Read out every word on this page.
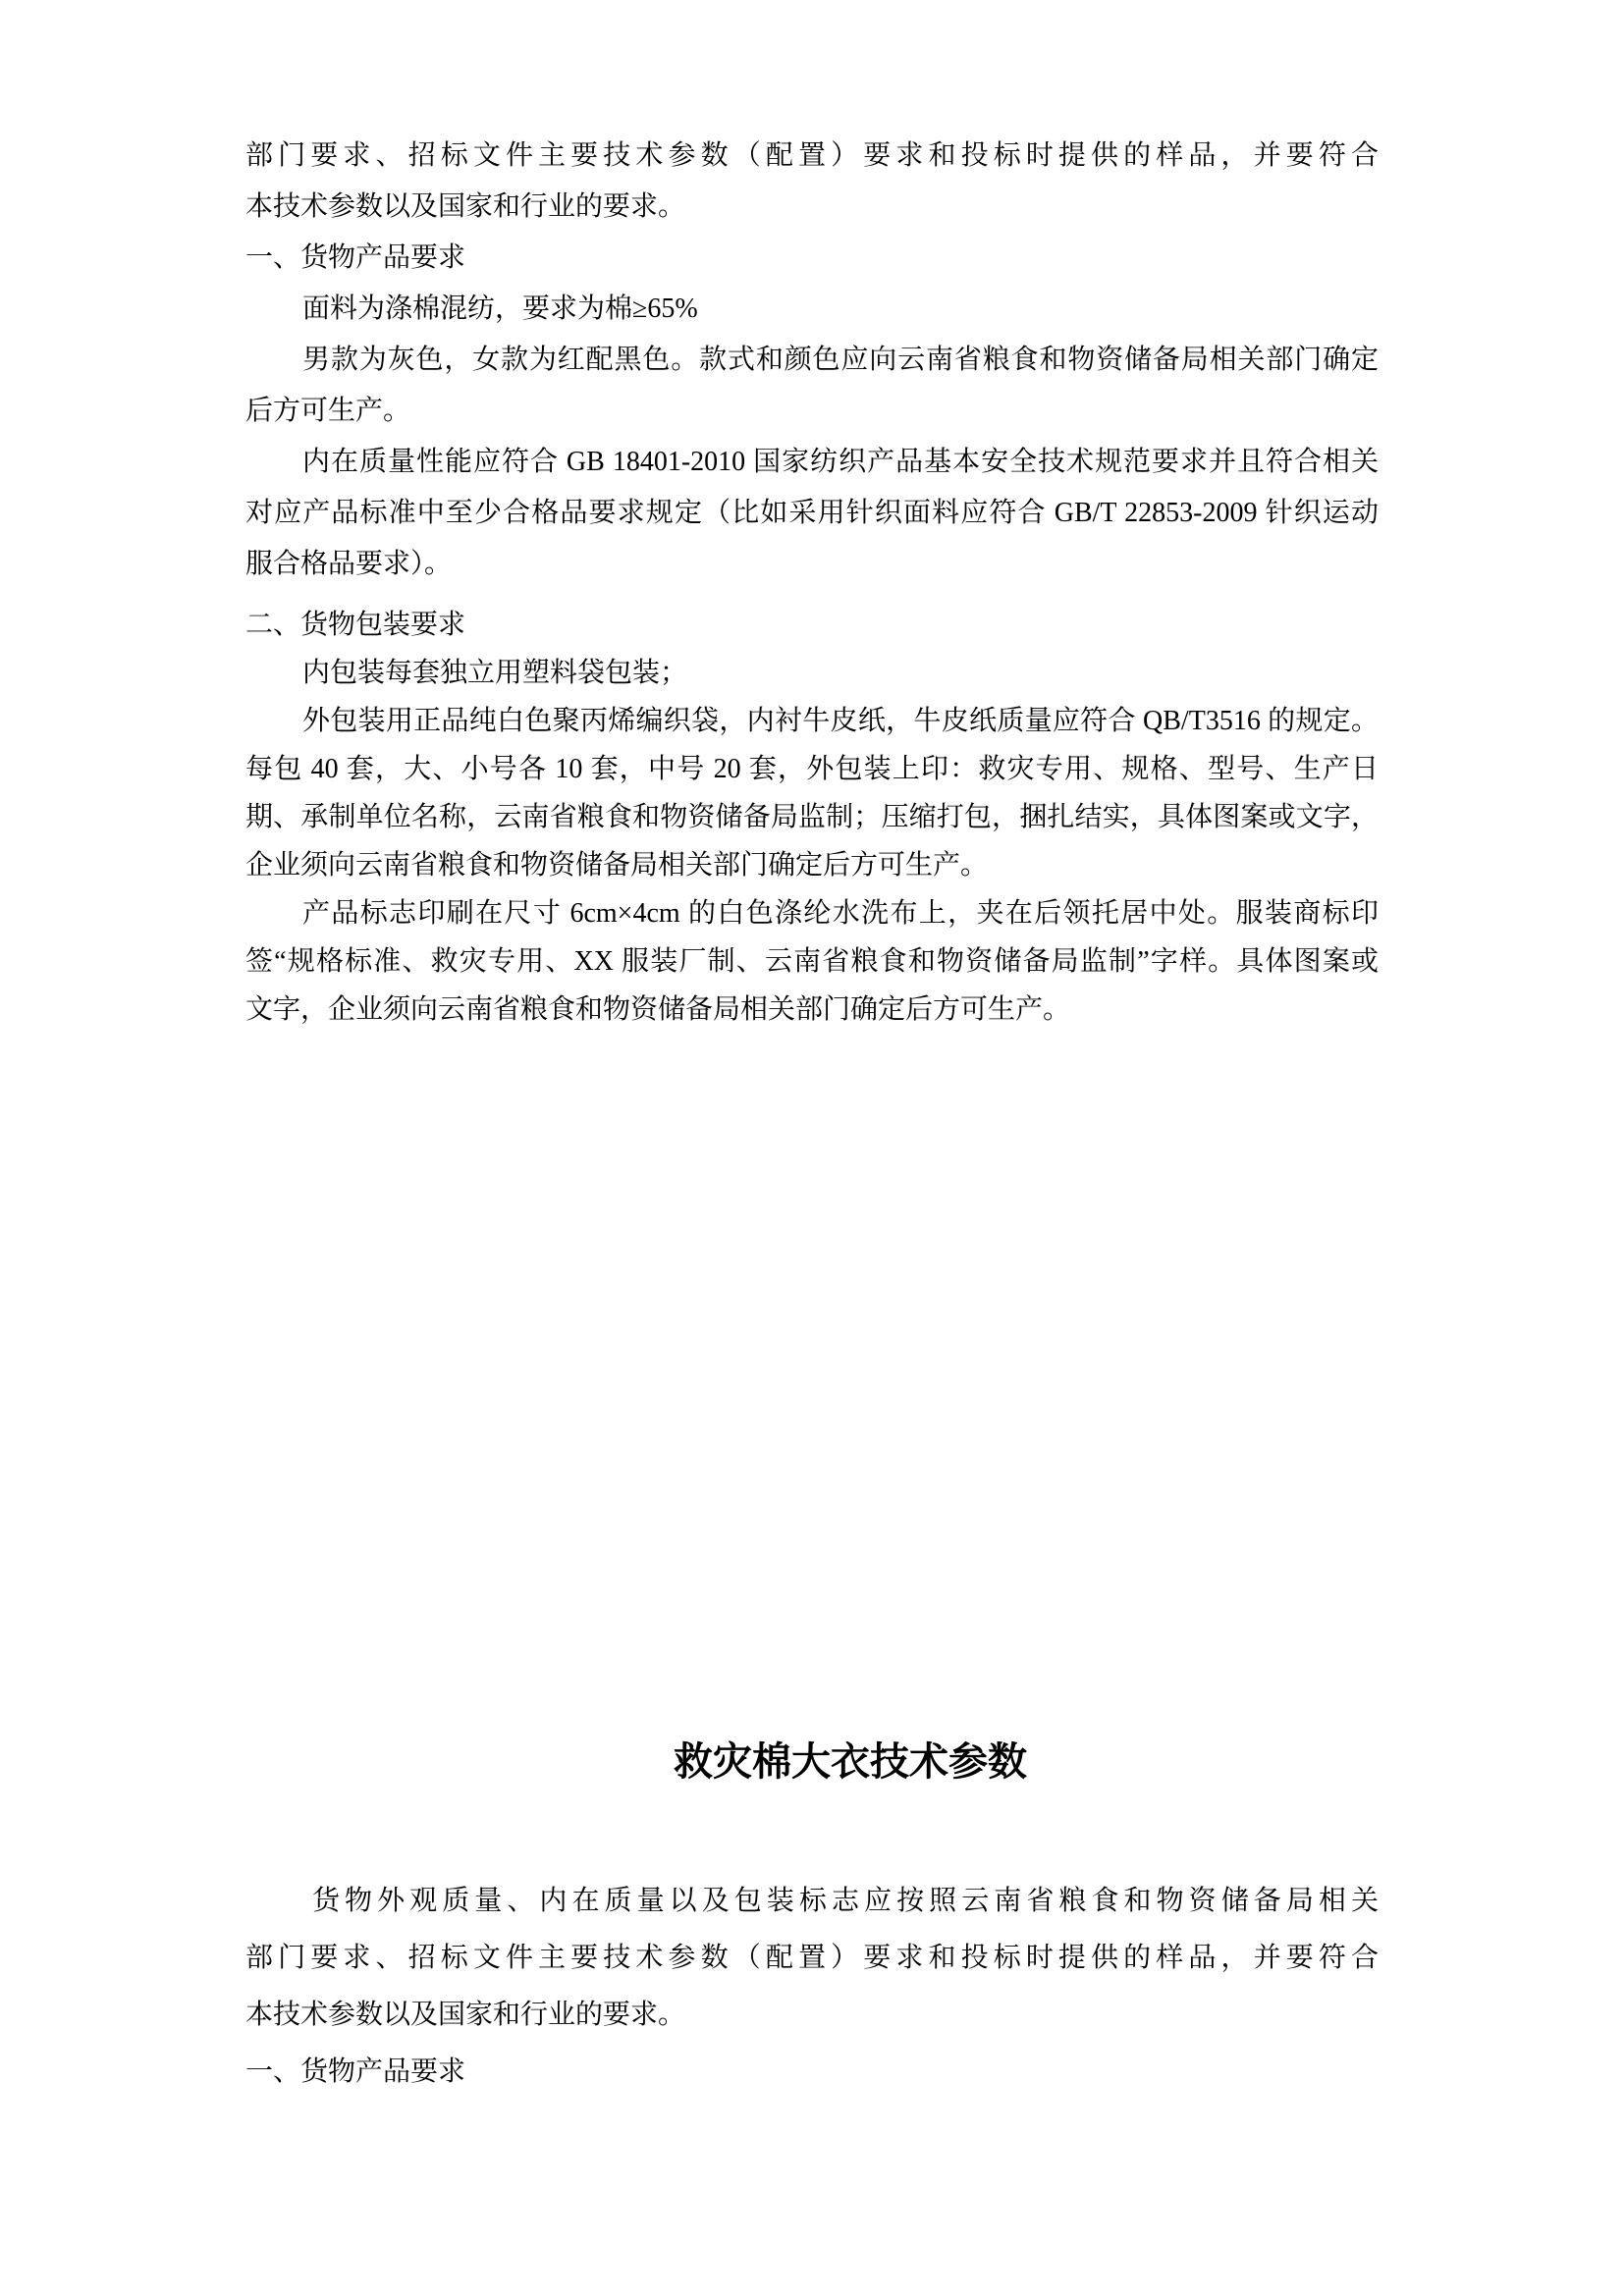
部门要求、招标文件主要技术参数（配置）要求和投标时提供的样品，并要符合
本技术参数以及国家和行业的要求。
一、货物产品要求
面料为涤棉混纺，要求为棉≥65%
男款为灰色，女款为红配黑色。款式和颜色应向云南省粮食和物资储备局相关部门确定
后方可生产。
内在质量性能应符合 GB 18401-2010 国家纺织产品基本安全技术规范要求并且符合相关
对应产品标准中至少合格品要求规定（比如采用针织面料应符合 GB/T 22853-2009 针织运动
服合格品要求）。
二、货物包装要求
内包装每套独立用塑料袋包装；
外包装用正品纯白色聚丙烯编织袋，内衬牛皮纸，牛皮纸质量应符合 QB/T3516 的规定。
每包 40 套，大、小号各 10 套，中号 20 套，外包装上印：救灾专用、规格、型号、生产日
期、承制单位名称，云南省粮食和物资储备局监制；压缩打包，捆扎结实，具体图案或文字，
企业须向云南省粮食和物资储备局相关部门确定后方可生产。
产品标志印刷在尺寸 6cm×4cm 的白色涤纶水洗布上，夹在后领托居中处。服装商标印
签“规格标准、救灾专用、XX 服装厂制、云南省粮食和物资储备局监制”字样。具体图案或
文字，企业须向云南省粮食和物资储备局相关部门确定后方可生产。
救灾棉大衣技术参数
货物外观质量、内在质量以及包装标志应按照云南省粮食和物资储备局相关
部门要求、招标文件主要技术参数（配置）要求和投标时提供的样品，并要符合
本技术参数以及国家和行业的要求。
一、货物产品要求
